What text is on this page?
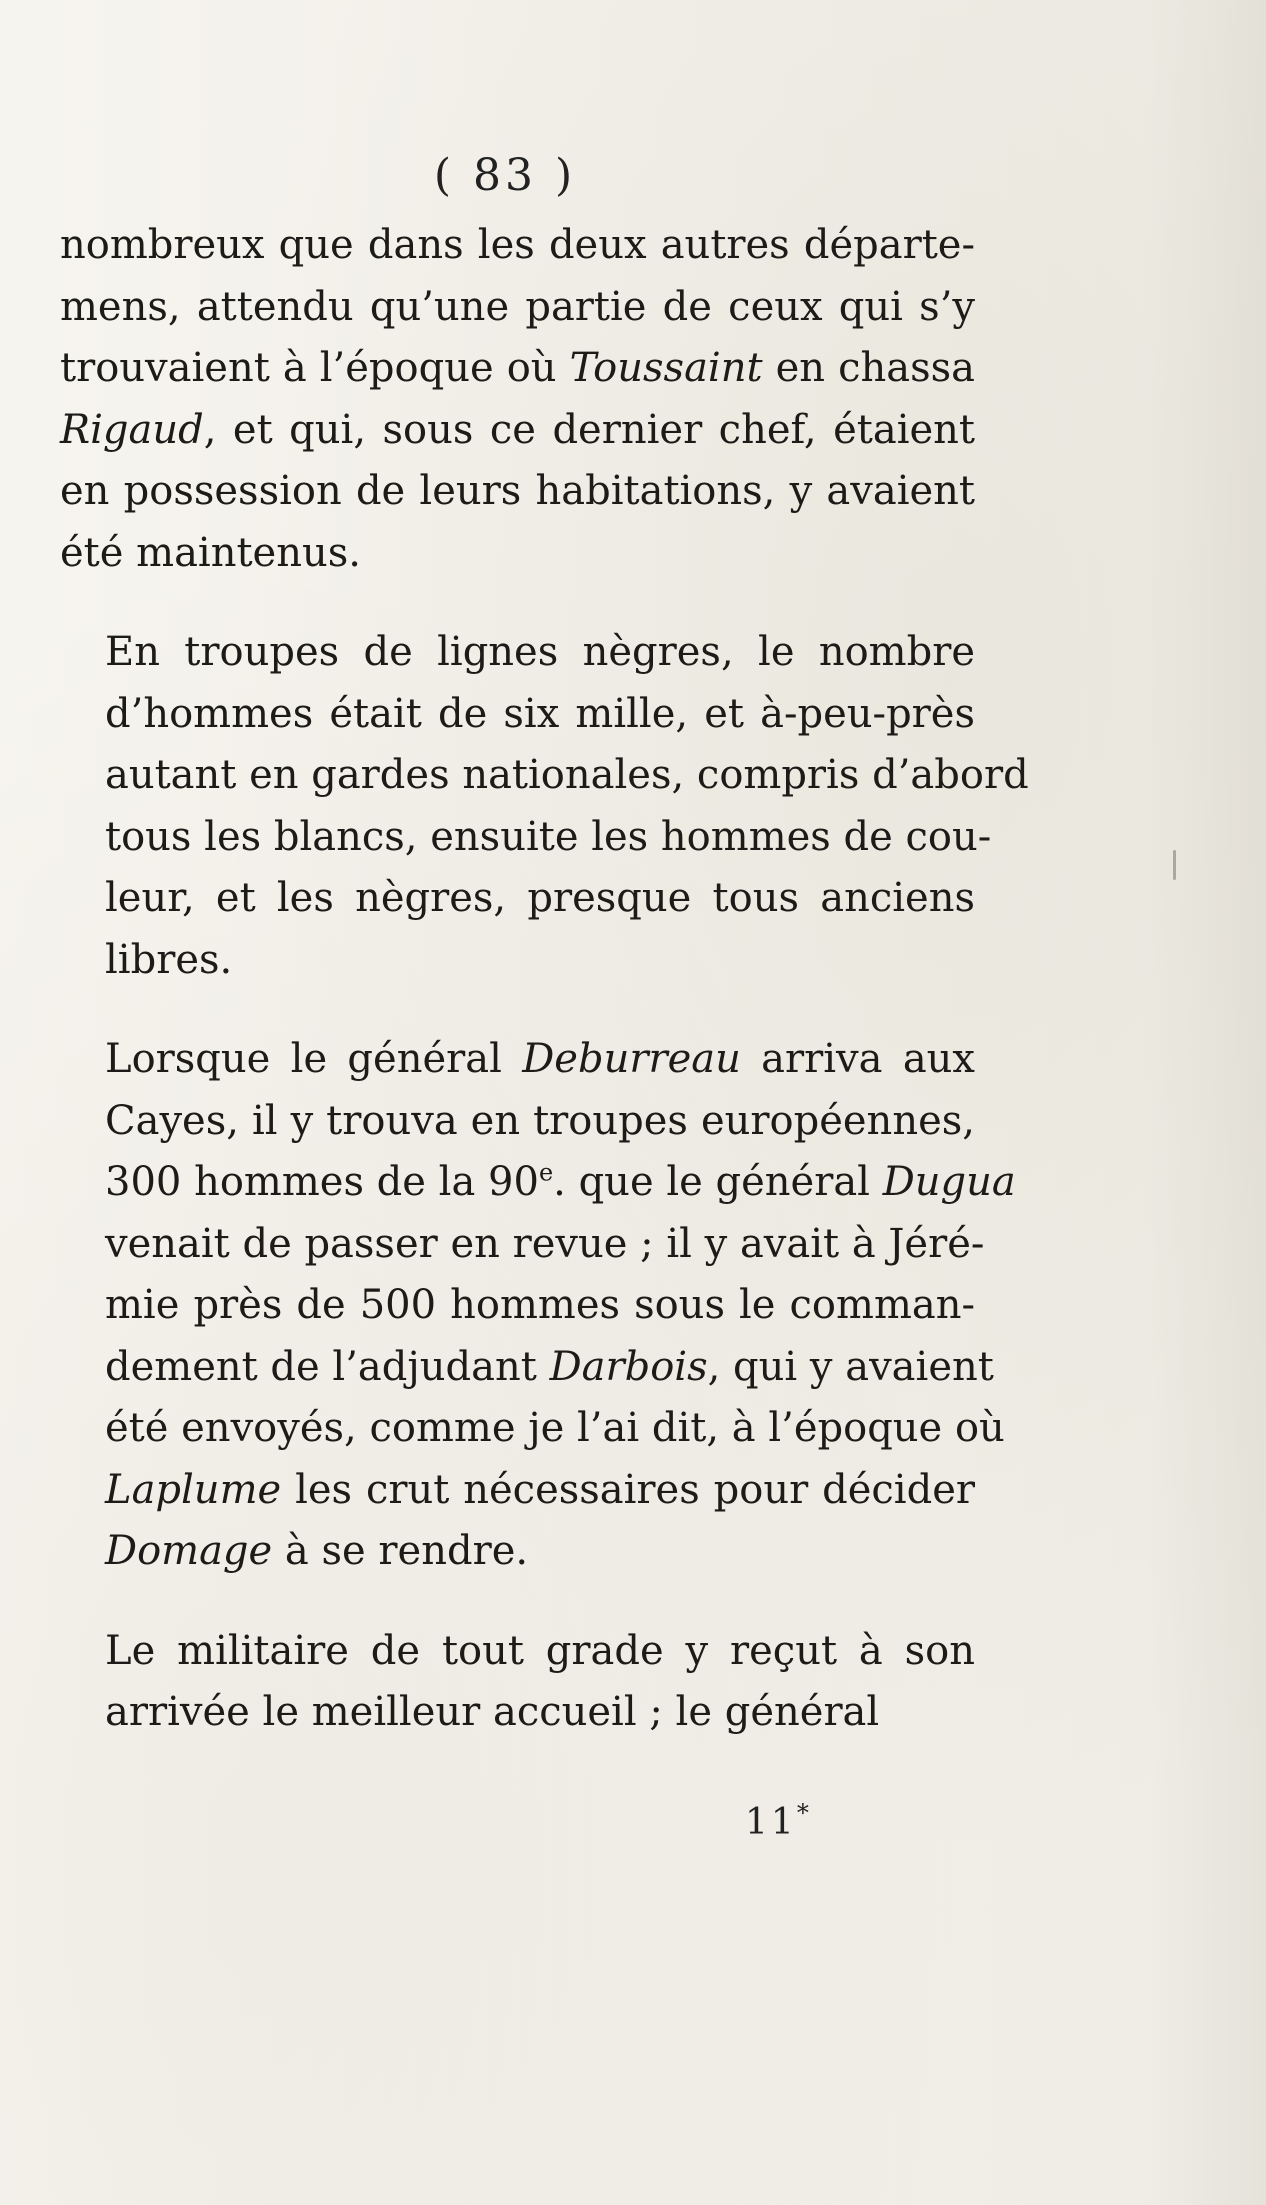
( 83 )

nombreux que dans les deux autres départe-
mens, attendu qu’une partie de ceux qui s’y
trouvaient à l’époque où Toussaint en chassa
Rigaud, et qui, sous ce dernier chef, étaient
en possession de leurs habitations, y avaient
été maintenus.

En troupes de lignes nègres, le nombre
d’hommes était de six mille, et à-peu-près
autant en gardes nationales, compris d’abord
tous les blancs, ensuite les hommes de cou-
leur, et les nègres, presque tous anciens
libres.

Lorsque le général Deburreau arriva aux
Cayes, il y trouva en troupes européennes,
300 hommes de la 90e. que le général Dugua
venait de passer en revue ; il y avait à Jéré-
mie près de 500 hommes sous le comman-
dement de l’adjudant Darbois, qui y avaient
été envoyés, comme je l’ai dit, à l’époque où
Laplume les crut nécessaires pour décider
Domage à se rendre.

Le militaire de tout grade y reçut à son
arrivée le meilleur accueil ; le général

11*
